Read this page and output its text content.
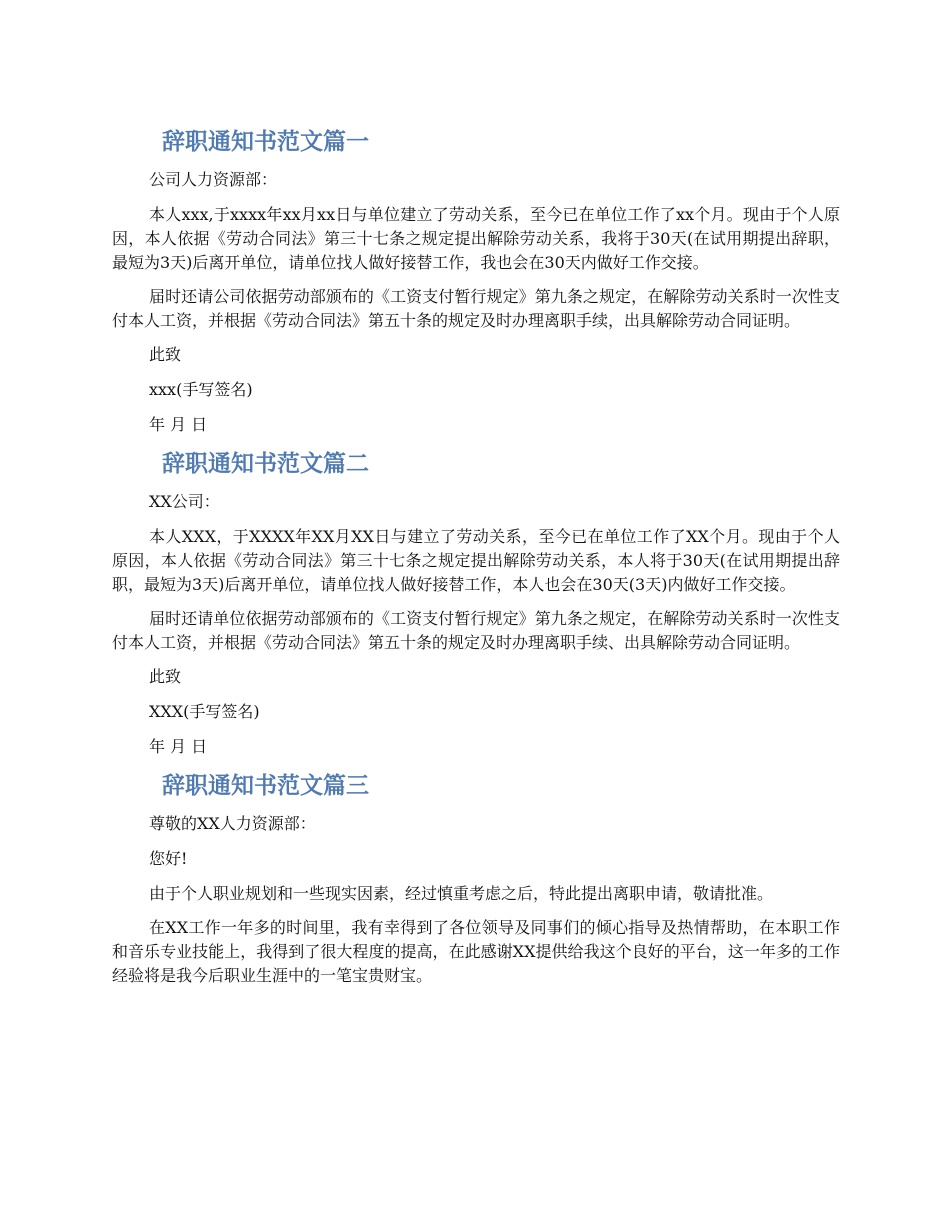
辞职通知书范文篇一
公司人力资源部：
本人xxx,于xxxx年xx月xx日与单位建立了劳动关系，至今已在单位工作了xx个月。现由于个人原因，本人依据《劳动合同法》第三十七条之规定提出解除劳动关系，我将于30天(在试用期提出辞职，最短为3天)后离开单位，请单位找人做好接替工作，我也会在30天内做好工作交接。
届时还请公司依据劳动部颁布的《工资支付暂行规定》第九条之规定，在解除劳动关系时一次性支付本人工资，并根据《劳动合同法》第五十条的规定及时办理离职手续，出具解除劳动合同证明。
此致
xxx(手写签名)
年 月 日
辞职通知书范文篇二
XX公司：
本人XXX，于XXXX年XX月XX日与建立了劳动关系，至今已在单位工作了XX个月。现由于个人原因，本人依据《劳动合同法》第三十七条之规定提出解除劳动关系，本人将于30天(在试用期提出辞职，最短为3天)后离开单位，请单位找人做好接替工作，本人也会在30天(3天)内做好工作交接。
届时还请单位依据劳动部颁布的《工资支付暂行规定》第九条之规定，在解除劳动关系时一次性支付本人工资，并根据《劳动合同法》第五十条的规定及时办理离职手续、出具解除劳动合同证明。
此致
XXX(手写签名)
年 月 日
辞职通知书范文篇三
尊敬的XX人力资源部：
您好!
由于个人职业规划和一些现实因素，经过慎重考虑之后，特此提出离职申请，敬请批准。
在XX工作一年多的时间里，我有幸得到了各位领导及同事们的倾心指导及热情帮助，在本职工作和音乐专业技能上，我得到了很大程度的提高，在此感谢XX提供给我这个良好的平台，这一年多的工作经验将是我今后职业生涯中的一笔宝贵财宝。
